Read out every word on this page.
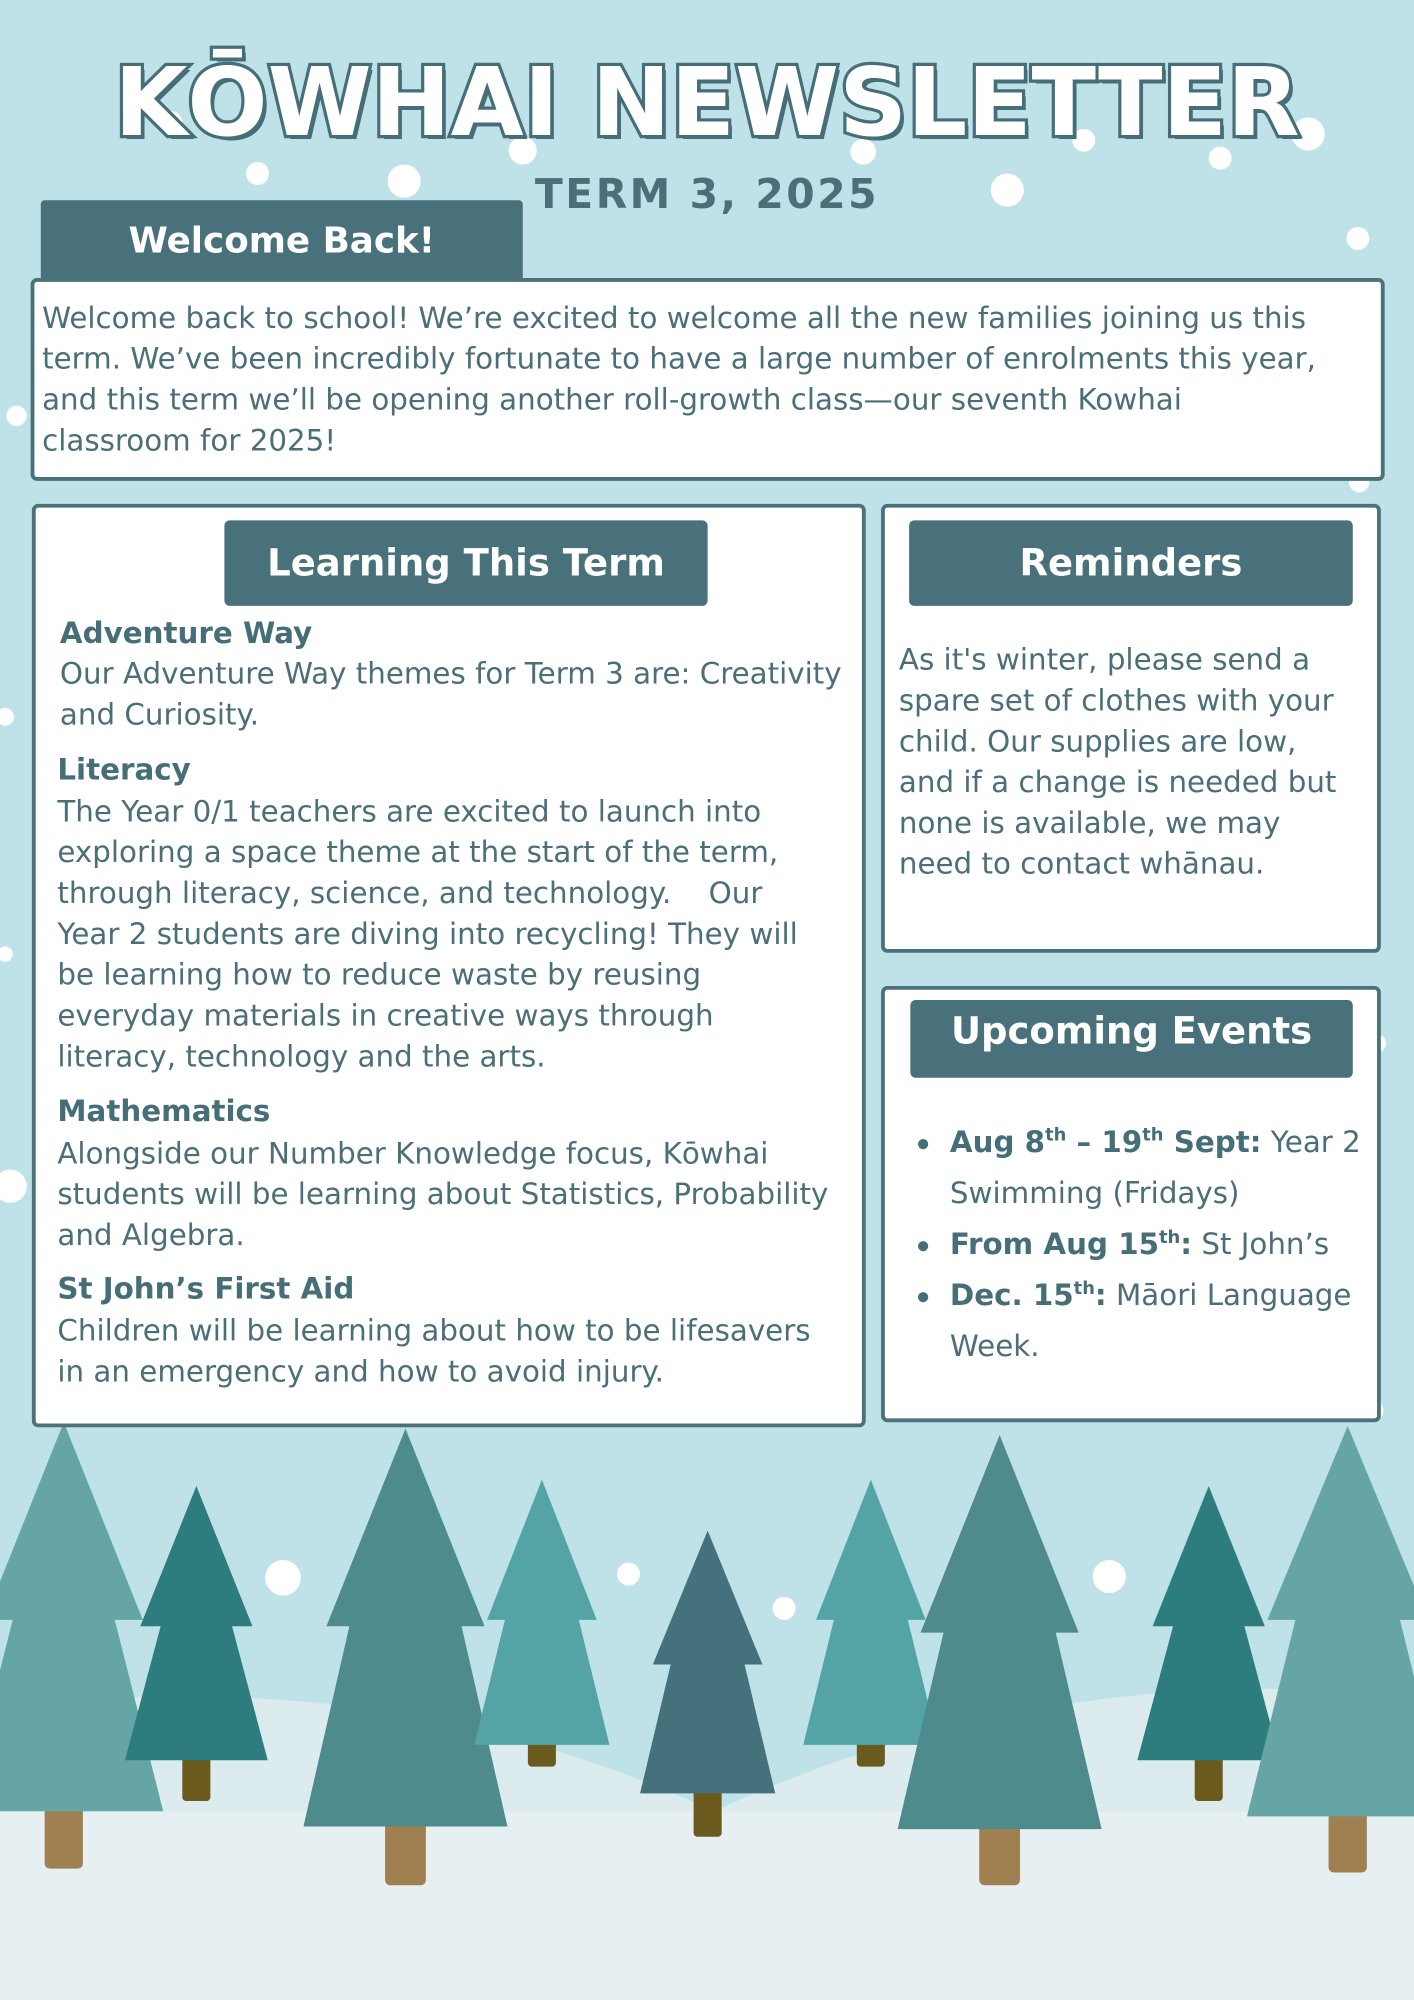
KŌWHAI NEWSLETTER
TERM 3, 2025
Welcome Back!

Welcome back to school! We’re excited to welcome all the new families joining us this

term. We’ve been incredibly fortunate to have a large number of enrolments this year,

and this term we’ll be opening another roll-growth class—our seventh Kowhai

classroom for 2025!

Learning This Term

Adventure Way

Our Adventure Way themes for Term 3 are: Creativity

and Curiosity.

Literacy

The Year 0/1 teachers are excited to launch into

exploring a space theme at the start of the term,

through literacy, science, and technology.    Our

Year 2 students are diving into recycling! They will

be learning how to reduce waste by reusing

everyday materials in creative ways through

literacy, technology and the arts.

Mathematics

Alongside our Number Knowledge focus, Kōwhai

students will be learning about Statistics, Probability

and Algebra.

St John’s First Aid

Children will be learning about how to be lifesavers

in an emergency and how to avoid injury.

Reminders

As it's winter, please send a

spare set of clothes with your

child. Our supplies are low,

and if a change is needed but

none is available, we may

need to contact whānau.

Upcoming Events
Aug 8th – 19th Sept: Year 2
Swimming (Fridays)
From Aug 15th: St John’s
Dec. 15th: Māori Language
Week.
